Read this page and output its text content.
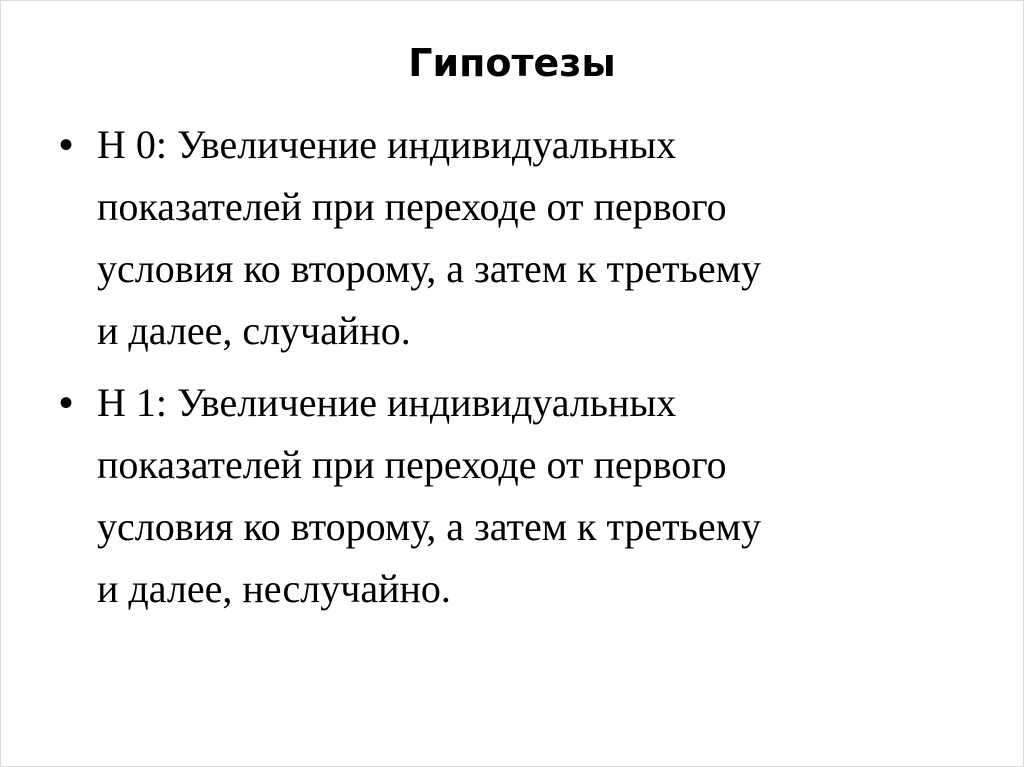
Гипотезы
• Н 0: Увеличение индивидуальных
показателей при переходе от первого
условия ко второму, а затем к третьему
и далее, случайно.
• Н 1: Увеличение индивидуальных
показателей при переходе от первого
условия ко второму, а затем к третьему
и далее, неслучайно.
